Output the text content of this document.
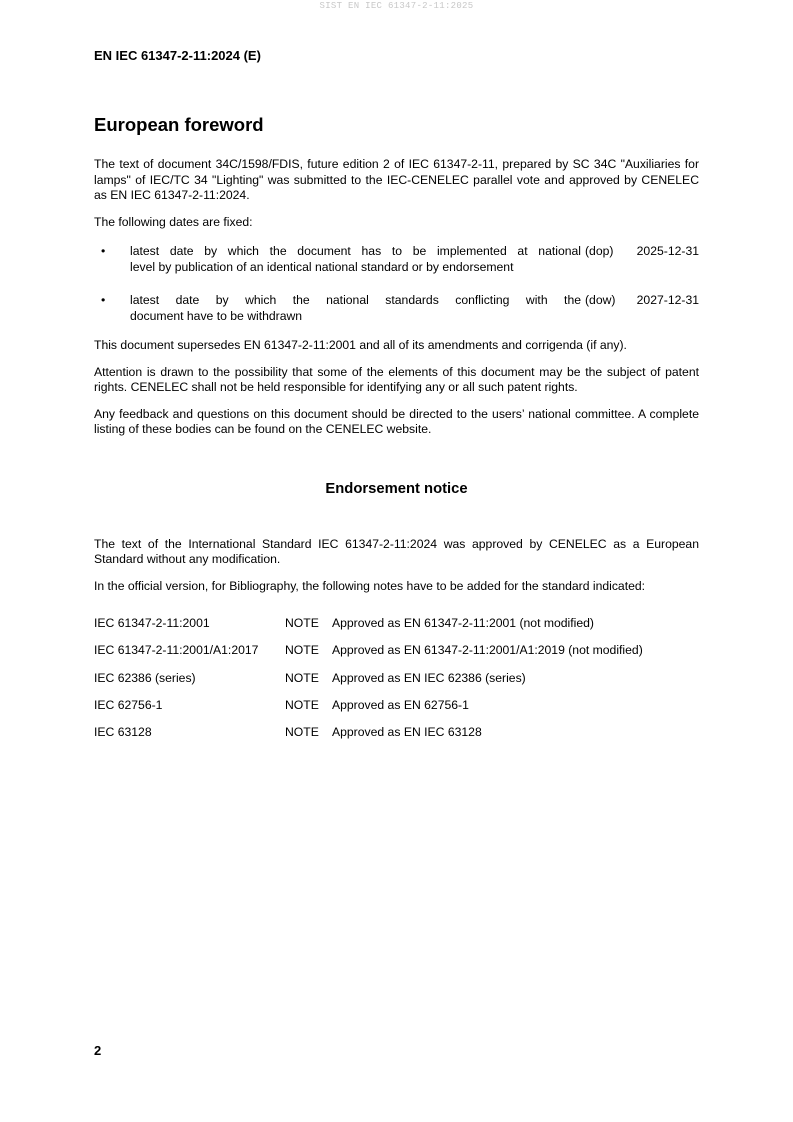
SIST EN IEC 61347-2-11:2025
EN IEC 61347-2-11:2024 (E)
European foreword

The text of document 34C/1598/FDIS, future edition 2 of IEC 61347-2-11, prepared by SC 34C "Auxiliaries for lamps" of IEC/TC 34 "Lighting" was submitted to the IEC-CENELEC parallel vote and approved by CENELEC as EN IEC 61347-2-11:2024.

The following dates are fixed:

•	latest date by which the document has to be implemented at national
level by publication of an identical national standard or by endorsement
(dop)	2025-12-31
•	latest date by which the national standards conflicting with the
document have to be withdrawn
(dow)	2027-12-31

This document supersedes EN 61347-2-11:2001 and all of its amendments and corrigenda (if any).

Attention is drawn to the possibility that some of the elements of this document may be the subject of patent rights. CENELEC shall not be held responsible for identifying any or all such patent rights.

Any feedback and questions on this document should be directed to the users’ national committee. A complete listing of these bodies can be found on the CENELEC website.

Endorsement notice

The text of the International Standard IEC 61347-2-11:2024 was approved by CENELEC as a European Standard without any modification.

In the official version, for Bibliography, the following notes have to be added for the standard indicated:

IEC 61347-2-11:2001	NOTE	Approved as EN 61347-2-11:2001 (not modified)
IEC 61347-2-11:2001/A1:2017	NOTE	Approved as EN 61347-2-11:2001/A1:2019 (not modified)
IEC 62386 (series)	NOTE	Approved as EN IEC 62386 (series)
IEC 62756-1	NOTE	Approved as EN 62756-1
IEC 63128	NOTE	Approved as EN IEC 63128
2
